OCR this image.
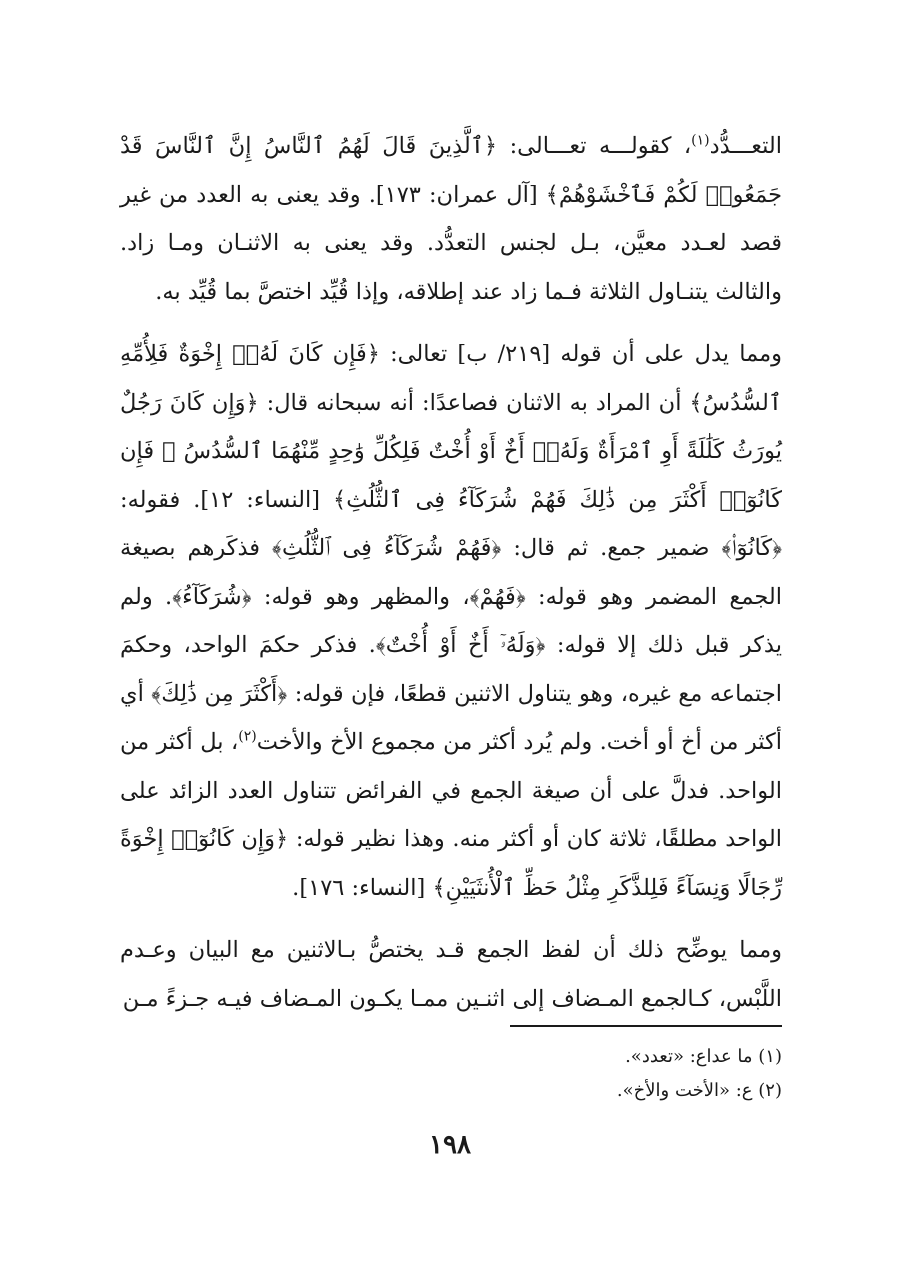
التعـــدُّد$^{(١)}$، كقولـــه تعـــالى: ﴿ٱلَّذِينَ قَالَ لَهُمُ ٱلنَّاسُ إِنَّ ٱلنَّاسَ قَدْ جَمَعُوا۟ لَكُمْ فَٱخْشَوْهُمْ﴾ [آل عمران: ١٧٣]. وقد يعنى به العدد من غير قصد لعـدد معيَّن، بـل لجنس التعدُّد. وقد يعنى به الاثنـان ومـا زاد. والثالث يتنـاول الثلاثة فـما زاد عند إطلاقه، وإذا قُيِّد اختصَّ بما قُيِّد به.

ومما يدل على أن قوله [٢١٩/ ب] تعالى: ﴿فَإِن كَانَ لَهُۥٓ إِخْوَةٌ فَلِأُمِّهِ ٱلسُّدُسُ﴾ أن المراد به الاثنان فصاعدًا: أنه سبحانه قال: ﴿وَإِن كَانَ رَجُلٌ يُورَثُ كَلَٰلَةً أَوِ ٱمْرَأَةٌ وَلَهُۥٓ أَخٌ أَوْ أُخْتٌ فَلِكُلِّ وَٰحِدٍ مِّنْهُمَا ٱلسُّدُسُ ۚ فَإِن كَانُوٓا۟ أَكْثَرَ مِن ذَٰلِكَ فَهُمْ شُرَكَآءُ فِى ٱلثُّلُثِ﴾ [النساء: ١٢]. فقوله: ﴿كَانُوٓا۟﴾ ضمير جمع. ثم قال: ﴿فَهُمْ شُرَكَآءُ فِى ٱلثُّلُثِ﴾ فذكَرهم بصيغة الجمع المضمر وهو قوله: ﴿فَهُمْ﴾، والمظهر وهو قوله: ﴿شُرَكَآءُ﴾. ولم يذكر قبل ذلك إلا قوله: ﴿وَلَهُۥٓ أَخٌ أَوْ أُخْتٌ﴾. فذكر حكمَ الواحد، وحكمَ اجتماعه مع غيره، وهو يتناول الاثنين قطعًا، فإن قوله: ﴿أَكْثَرَ مِن ذَٰلِكَ﴾ أي أكثر من أخ أو أخت. ولم يُرد أكثر من مجموع الأخ والأخت$^{(٢)}$، بل أكثر من الواحد. فدلَّ على أن صيغة الجمع في الفرائض تتناول العدد الزائد على الواحد مطلقًا، ثلاثة كان أو أكثر منه. وهذا نظير قوله: ﴿وَإِن كَانُوٓا۟ إِخْوَةً رِّجَالًا وَنِسَآءً فَلِلذَّكَرِ مِثْلُ حَظِّ ٱلْأُنثَيَيْنِ﴾ [النساء: ١٧٦].

ومما يوضِّح ذلك أن لفظ الجمع قـد يختصُّ بـالاثنين مع البيان وعـدم اللَّبْس، كـالجمع المـضاف إلى اثنـين ممـا يكـون المـضاف فيـه جـزءً مـن

(١) ما عداع: «تعدد».

(٢) ع: «الأخت والأخ».

١٩٨
